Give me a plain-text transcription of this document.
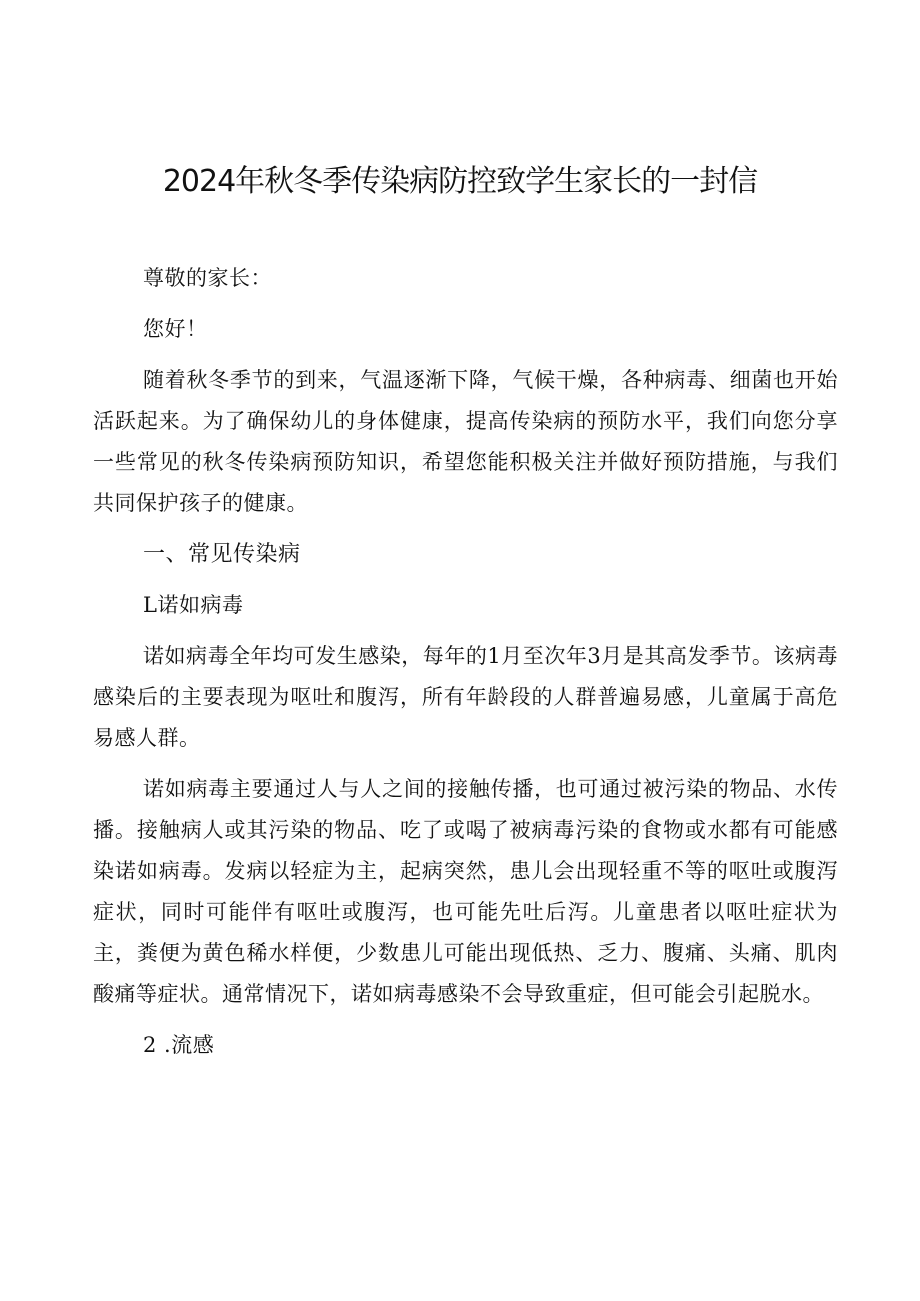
2024年秋冬季传染病防控致学生家长的一封信

尊敬的家长：

您好！

随着秋冬季节的到来，气温逐渐下降，气候干燥，各种病毒、细菌也开始活跃起来。为了确保幼儿的身体健康，提高传染病的预防水平，我们向您分享一些常见的秋冬传染病预防知识，希望您能积极关注并做好预防措施，与我们共同保护孩子的健康。

一、常见传染病

L诺如病毒

诺如病毒全年均可发生感染，每年的1月至次年3月是其高发季节。该病毒感染后的主要表现为呕吐和腹泻，所有年龄段的人群普遍易感，儿童属于高危易感人群。

诺如病毒主要通过人与人之间的接触传播，也可通过被污染的物品、水传播。接触病人或其污染的物品、吃了或喝了被病毒污染的食物或水都有可能感染诺如病毒。发病以轻症为主，起病突然，患儿会出现轻重不等的呕吐或腹泻症状，同时可能伴有呕吐或腹泻，也可能先吐后泻。儿童患者以呕吐症状为主，粪便为黄色稀水样便，少数患儿可能出现低热、乏力、腹痛、头痛、肌肉酸痛等症状。通常情况下，诺如病毒感染不会导致重症，但可能会引起脱水。

2 .流感
